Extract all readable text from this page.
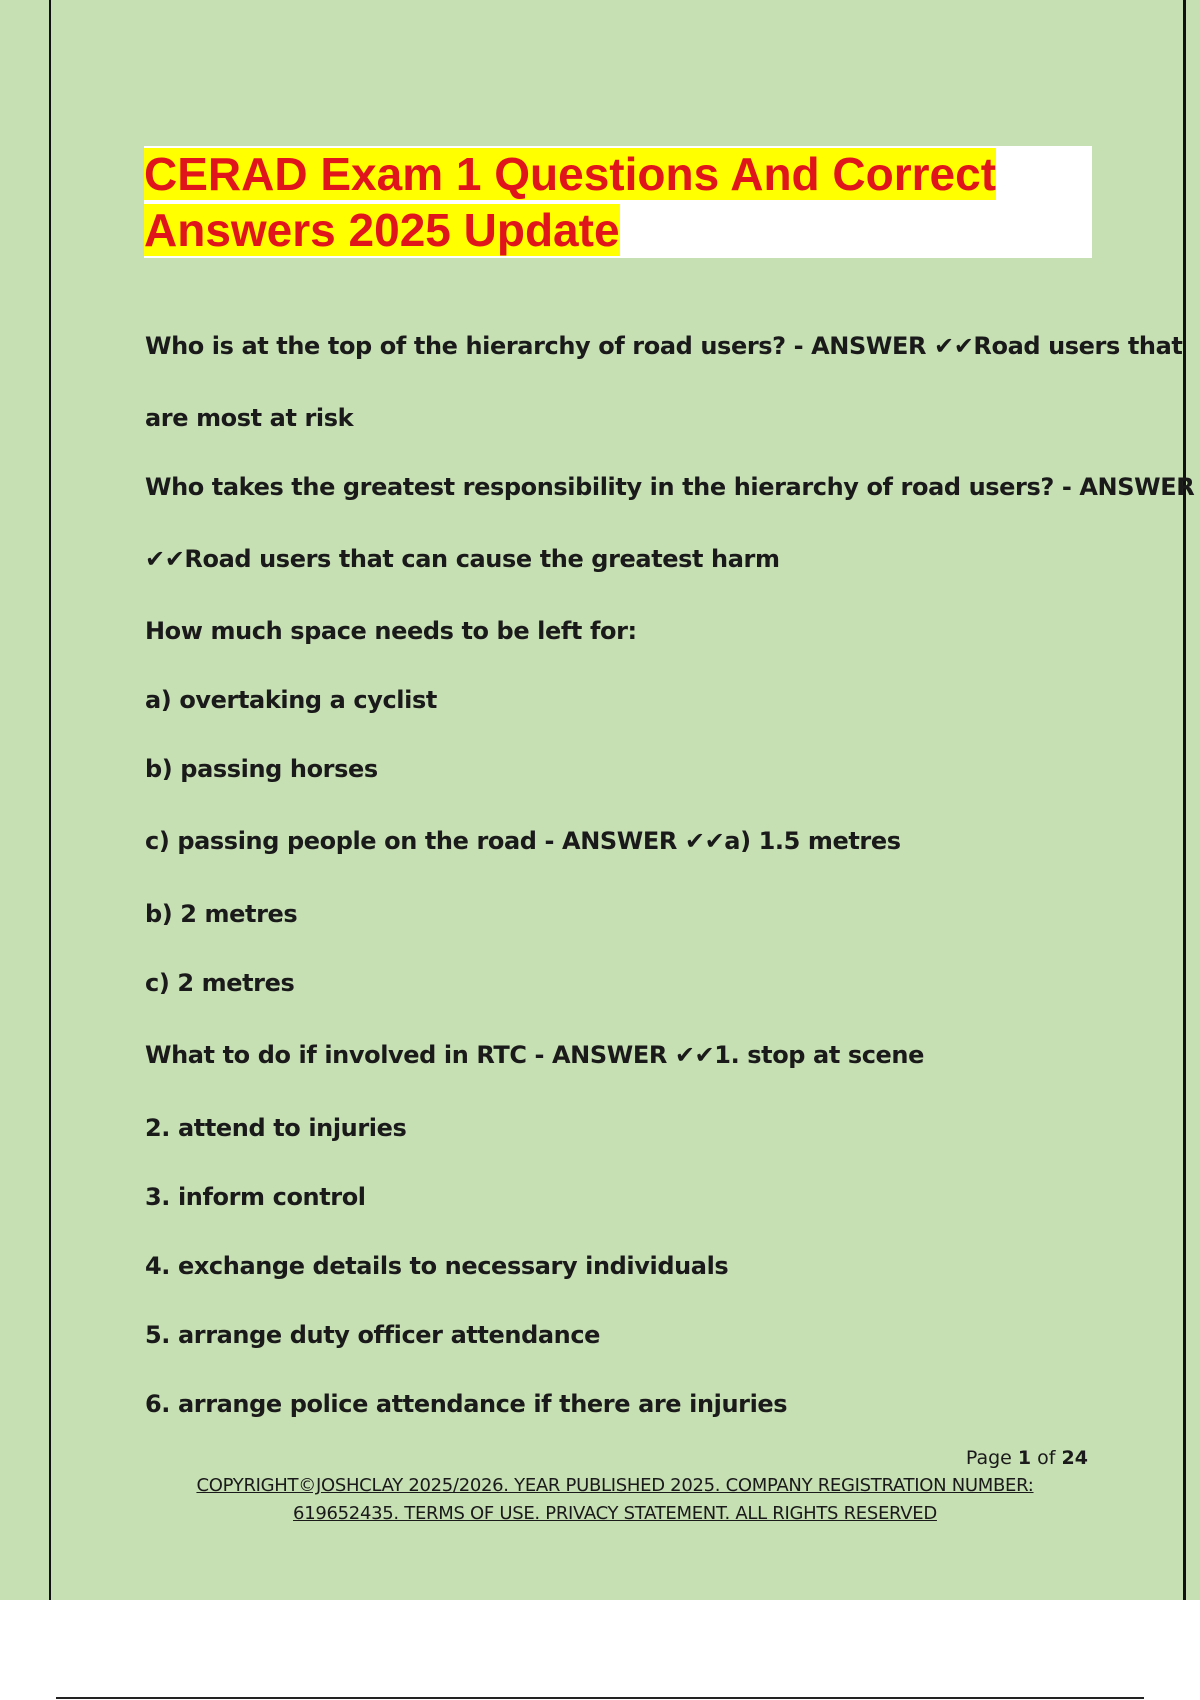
CERAD Exam 1 Questions And Correct
Answers 2025 Update

Who is at the top of the hierarchy of road users? - ANSWER ✔✔Road users that

are most at risk

Who takes the greatest responsibility in the hierarchy of road users? - ANSWER

✔✔Road users that can cause the greatest harm

How much space needs to be left for:

a) overtaking a cyclist

b) passing horses

c) passing people on the road - ANSWER ✔✔a) 1.5 metres

b) 2 metres

c) 2 metres

What to do if involved in RTC - ANSWER ✔✔1. stop at scene

2. attend to injuries

3. inform control

4. exchange details to necessary individuals

5. arrange duty officer attendance

6. arrange police attendance if there are injuries

Page 1 of 24
COPYRIGHT©JOSHCLAY 2025/2026. YEAR PUBLISHED 2025. COMPANY REGISTRATION NUMBER:
619652435. TERMS OF USE. PRIVACY STATEMENT. ALL RIGHTS RESERVED
